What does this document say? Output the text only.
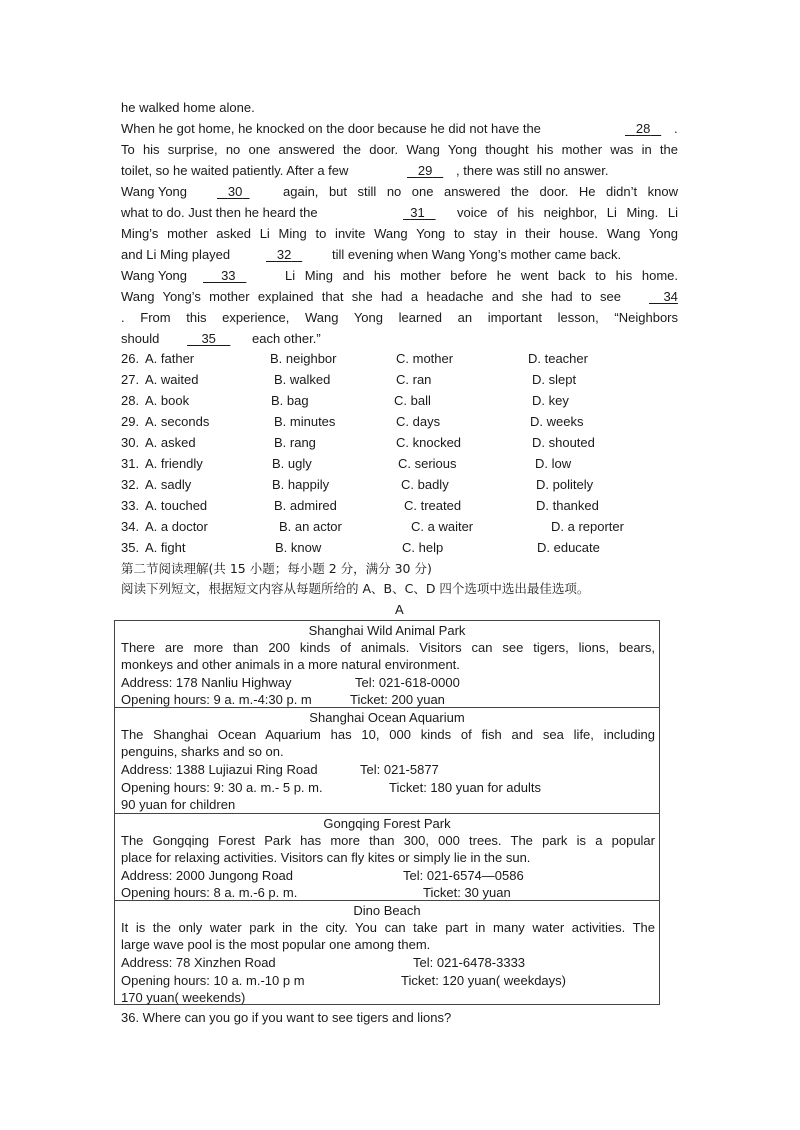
he walked home alone.
When he got home, he knocked on the door because he did not have the	28	.
To his surprise, no one answered the door. Wang Yong thought his mother was in the
toilet, so he waited patiently. After a few	29	, there was still no answer.
Wang Yong	30	again, but still no one answered the door. He didn’t know
what to do. Just then he heard the	31	voice of his neighbor, Li Ming. Li
Ming’s mother asked Li Ming to invite Wang Yong to stay in their house. Wang Yong
and Li Ming played	32	till evening when Wang Yong’s mother came back.
Wang Yong	33	Li Ming and his mother before he went back to his home.
Wang Yong’s mother explained that she had a headache and she had to see	34
. From this experience, Wang Yong learned an important lesson, “Neighbors
should	35	each other.”
26. A. father	B. neighbor	C. mother	D. teacher
27. A. waited	B. walked	C. ran	D. slept
28. A. book	B. bag	C. ball	D. key
29. A. seconds	B. minutes	C. days	D. weeks
30. A. asked	B. rang	C. knocked	D. shouted
31. A. friendly	B. ugly	C. serious	D. low
32. A. sadly	B. happily	C. badly	D. politely
33. A. touched	B. admired	C. treated	D. thanked
34. A. a doctor	B. an actor	C. a waiter	D. a reporter
35. A. fight	B. know	C. help	D. educate
第二节阅读理解(共 15 小题；每小题 2 分，满分 30 分)
阅读下列短文，根据短文内容从每题所给的 A、B、C、D 四个选项中选出最佳选项。
A
Shanghai Wild Animal Park
There are more than 200 kinds of animals. Visitors can see tigers, lions, bears,
monkeys and other animals in a more natural environment.
Address: 178 Nanliu Highway	Tel: 021-618-0000
Opening hours: 9 a. m.-4:30 p. m	Ticket: 200 yuan
Shanghai Ocean Aquarium
The Shanghai Ocean Aquarium has 10, 000 kinds of fish and sea life, including
penguins, sharks and so on.
Address: 1388 Lujiazui Ring Road	Tel: 021-5877
Opening hours: 9: 30 a. m.- 5 p. m.	Ticket: 180 yuan for adults
90 yuan for children
Gongqing Forest Park
The Gongqing Forest Park has more than 300, 000 trees. The park is a popular
place for relaxing activities. Visitors can fly kites or simply lie in the sun.
Address: 2000 Jungong Road	Tel: 021-6574—0586
Opening hours: 8 a. m.-6 p. m.	Ticket: 30 yuan
Dino Beach
It is the only water park in the city. You can take part in many water activities. The
large wave pool is the most popular one among them.
Address: 78 Xinzhen Road	Tel: 021-6478-3333
Opening hours: 10 a. m.-10 p m	Ticket: 120 yuan( weekdays)
170 yuan( weekends)
36. Where can you go if you want to see tigers and lions?
